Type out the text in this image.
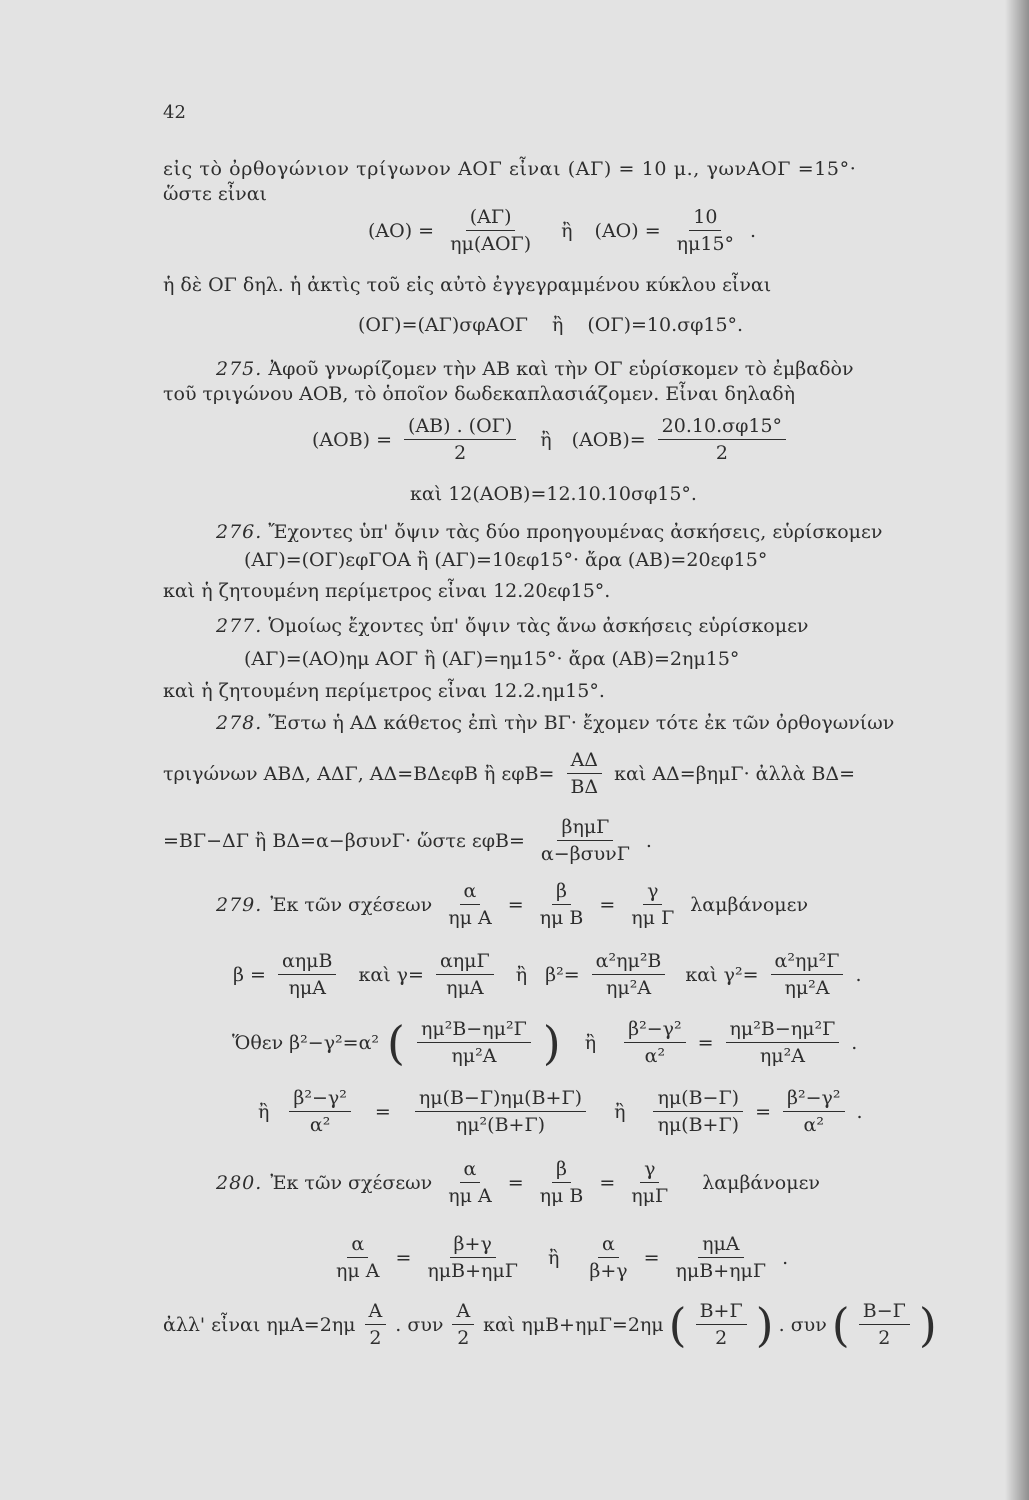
42
εἰς τὸ ὀρθογώνιον τρίγωνον ΑΟΓ εἶναι (ΑΓ) = 10 μ., γωνΑΟΓ =15°·
ὥστε εἶναι
$(AO) = \frac{(A\Gamma)}{\text{ημ(ΑΟΓ)}}$ ἢ $(AO) = \frac{10}{\eta\mu 15^\circ}$ .
ἡ δὲ ΟΓ δηλ. ἡ ἀκτὶς τοῦ εἰς αὐτὸ ἐγγεγραμμένου κύκλου εἶναι
(ΟΓ)=(ΑΓ)σφΑΟΓ ἢ (ΟΓ)=10.σφ15°.
275. Ἀφοῦ γνωρίζομεν τὴν ΑΒ καὶ τὴν ΟΓ εὑρίσκομεν τὸ ἐμβαδὸν
τοῦ τριγώνου ΑΟΒ, τὸ ὁποῖον δωδεκαπλασιάζομεν. Εἶναι δηλαδὴ
$(AOB) = \frac{(AB) . (O\Gamma)}{2}$ ἢ $(AOB)= \frac{20.10.\sigma\varphi 15^\circ}{2}$
καὶ 12(ΑΟΒ)=12.10.10σφ15°.
276. Ἔχοντες ὑπ' ὄψιν τὰς δύο προηγουμένας ἀσκήσεις, εὑρίσκομεν
(ΑΓ)=(ΟΓ)εφΓΟΑ ἢ (ΑΓ)=10εφ15°· ἄρα (ΑΒ)=20εφ15°
καὶ ἡ ζητουμένη περίμετρος εἶναι 12.20εφ15°.
277. Ὁμοίως ἔχοντες ὑπ' ὄψιν τὰς ἄνω ἀσκήσεις εὑρίσκομεν
(ΑΓ)=(ΑΟ)ημ ΑΟΓ ἢ (ΑΓ)=ημ15°· ἄρα (ΑΒ)=2ημ15°
καὶ ἡ ζητουμένη περίμετρος εἶναι 12.2.ημ15°.
278. Ἔστω ἡ ΑΔ κάθετος ἐπὶ τὴν ΒΓ· ἔχομεν τότε ἐκ τῶν ὀρθογωνίων
τριγώνων ΑΒΔ, ΑΔΓ, ΑΔ=ΒΔεφΒ ἢ $\varepsilon\varphi B= \frac{A\Delta}{B\Delta}$ καὶ ΑΔ=βημΓ· ἀλλὰ ΒΔ=
=ΒΓ−ΔΓ ἢ ΒΔ=α−βσυνΓ· ὥστε $\varepsilon\varphi B= \frac{\text{βημΓ}}{\text{α−βσυνΓ}}$ .
279. Ἐκ τῶν σχέσεων $\frac{\alpha}{\text{ημ Α}} = \frac{\beta}{\text{ημ Β}} = \frac{\gamma}{\text{ημ Γ}}$ λαμβάνομεν
$\beta = \frac{\text{αημΒ}}{\text{ημΑ}}$ καὶ $\gamma= \frac{\text{αημΓ}}{\text{ημΑ}}$ ἢ $\beta^2= \frac{\text{α²ημ²Β}}{\text{ημ²Α}}$ καὶ $\gamma^2= \frac{\text{α²ημ²Γ}}{\text{ημ²Α}}$ .
Ὅθεν β²−γ²=α² ( $\frac{\text{ημ²Β−ημ²Γ}}{\text{ημ²Α}}$ ) ἢ $\frac{\text{β²−γ²}}{\text{α²}} = \frac{\text{ημ²Β−ημ²Γ}}{\text{ημ²Α}}$ .
ἢ $\frac{\text{β²−γ²}}{\text{α²}} = \frac{\eta\mu(B-\Gamma)\eta\mu(B+\Gamma)}{\text{ημ²(Β+Γ)}}$ ἢ $\frac{\eta\mu(B-\Gamma)}{\eta\mu(B+\Gamma)} = \frac{\text{β²−γ²}}{\text{α²}}$ .
280. Ἐκ τῶν σχέσεων $\frac{\alpha}{\text{ημ Α}} = \frac{\beta}{\text{ημ Β}} = \frac{\gamma}{\text{ημΓ}}$ λαμβάνομεν
$\frac{\alpha}{\text{ημ Α}} = \frac{\beta+\gamma}{\text{ημΒ+ημΓ}}$ ἢ $\frac{\alpha}{\beta+\gamma} = \frac{\text{ημΑ}}{\text{ημΒ+ημΓ}}$ .
ἀλλ' εἶναι $\eta\mu A=2\eta\mu \frac{A}{2}$ . συν $\frac{A}{2}$ καὶ ημΒ+ημΓ=2ημ ( $\frac{B+\Gamma}{2}$ ) . συν ( $\frac{B-\Gamma}{2}$ )
